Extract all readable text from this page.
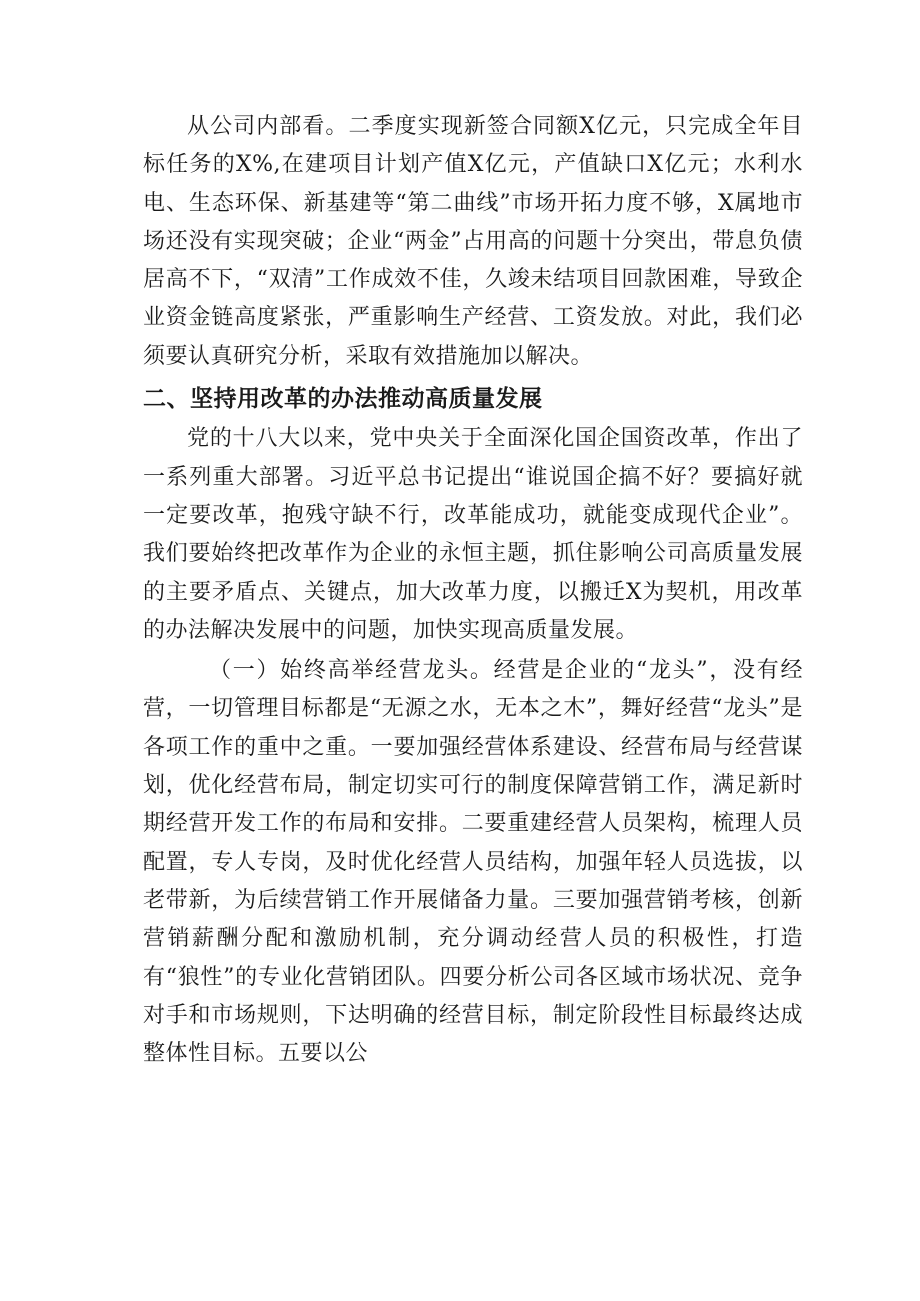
从公司内部看。二季度实现新签合同额X亿元，只完成全年目标任务的X%,在建项目计划产值X亿元，产值缺口X亿元；水利水电、生态环保、新基建等“第二曲线”市场开拓力度不够，X属地市场还没有实现突破；企业“两金”占用高的问题十分突出，带息负债居高不下，“双清”工作成效不佳，久竣未结项目回款困难，导致企业资金链高度紧张，严重影响生产经营、工资发放。对此，我们必须要认真研究分析，采取有效措施加以解决。

二、坚持用改革的办法推动高质量发展

党的十八大以来，党中央关于全面深化国企国资改革，作出了一系列重大部署。习近平总书记提出“谁说国企搞不好？要搞好就一定要改革，抱残守缺不行，改革能成功，就能变成现代企业”。我们要始终把改革作为企业的永恒主题，抓住影响公司高质量发展的主要矛盾点、关键点，加大改革力度，以搬迁X为契机，用改革的办法解决发展中的问题，加快实现高质量发展。

（一）始终高举经营龙头。经营是企业的“龙头”，没有经营，一切管理目标都是“无源之水，无本之木”，舞好经营“龙头”是各项工作的重中之重。一要加强经营体系建设、经营布局与经营谋划，优化经营布局，制定切实可行的制度保障营销工作，满足新时期经营开发工作的布局和安排。二要重建经营人员架构，梳理人员配置，专人专岗，及时优化经营人员结构，加强年轻人员选拔，以老带新，为后续营销工作开展储备力量。三要加强营销考核，创新营销薪酬分配和激励机制，充分调动经营人员的积极性，打造有“狼性”的专业化营销团队。四要分析公司各区域市场状况、竞争对手和市场规则，下达明确的经营目标，制定阶段性目标最终达成整体性目标。五要以公
